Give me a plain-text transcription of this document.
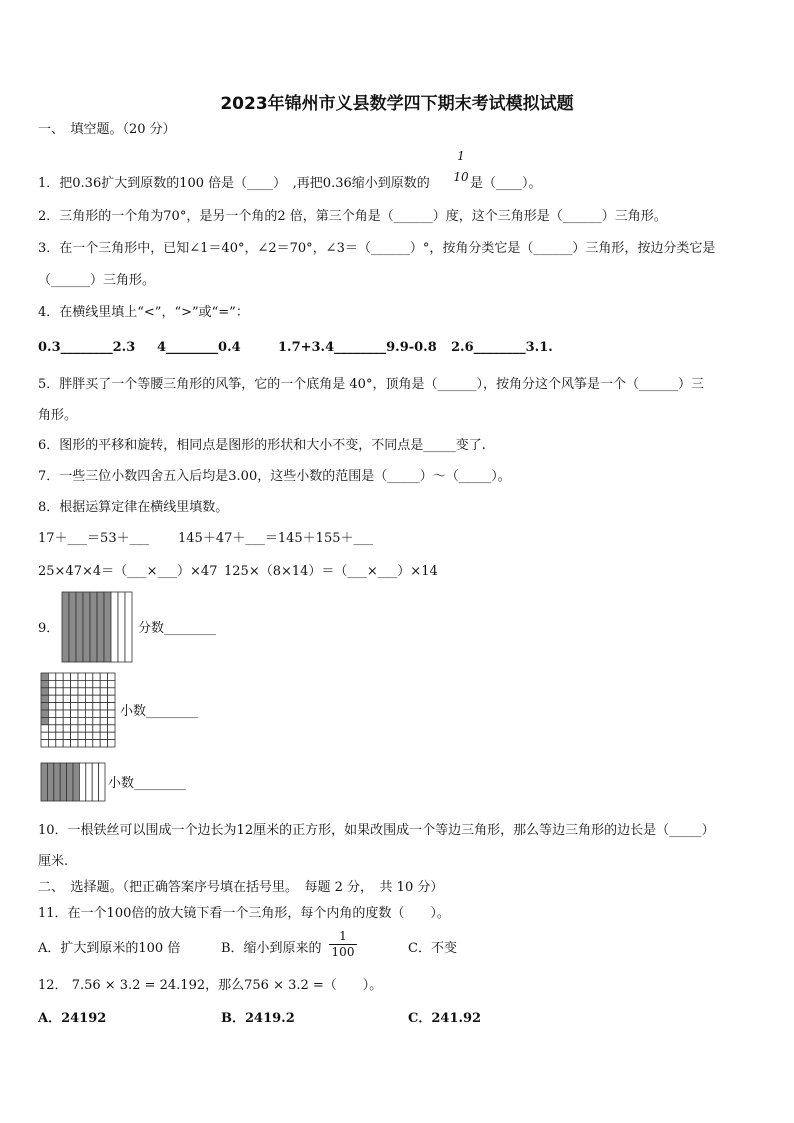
2023年锦州市义县数学四下期末考试模拟试题
一、　填空题。（20 分）
1．把0.36扩大到原数的100 倍是（____）　,再把0.36缩小到原数的
1
10 是（____）。
2．三角形的一个角为70°，是另一个角的2 倍，第三个角是（______）度，这个三角形是（______）三角形。
3．在一个三角形中，已知∠1＝40°，∠2＝70°，∠3＝（______）°，按角分类它是（______）三角形，按边分类它是
（______）三角形。
4．在横线里填上“<”，“>”或“=”：
0.3________2.3 4________0.4	1.7+3.4________9.9-0.8 2.6________3.1.
5．胖胖买了一个等腰三角形的风筝，它的一个底角是 40°，顶角是（______），按角分这个风筝是一个（______）三
角形。
6．图形的平移和旋转，相同点是图形的形状和大小不变，不同点是_____变了.
7．一些三位小数四舍五入后均是3.00，这些小数的范围是（_____）～（_____）。
8．根据运算定律在横线里填数。
17＋___＝53＋___ 145＋47＋___＝145＋155＋___
25×47×4＝（___×___）×47 125×（8×14）＝（___×___）×14
9．	分数________
小数________
小数________
10．一根铁丝可以围成一个边长为12厘米的正方形，如果改围成一个等边三角形，那么等边三角形的边长是（_____）
厘米.
二、　选择题。（把正确答案序号填在括号里。　每题 2 分，　共 10 分）
11．在一个100倍的放大镜下看一个三角形，每个内角的度数（　　）。
A．扩大到原米的100 倍	B．缩小到原来的
1
100	C．不变
12． 7.56 × 3.2 = 24.192，那么756 × 3.2 =（　　）。
A．24192	B．2419.2	C．241.92
